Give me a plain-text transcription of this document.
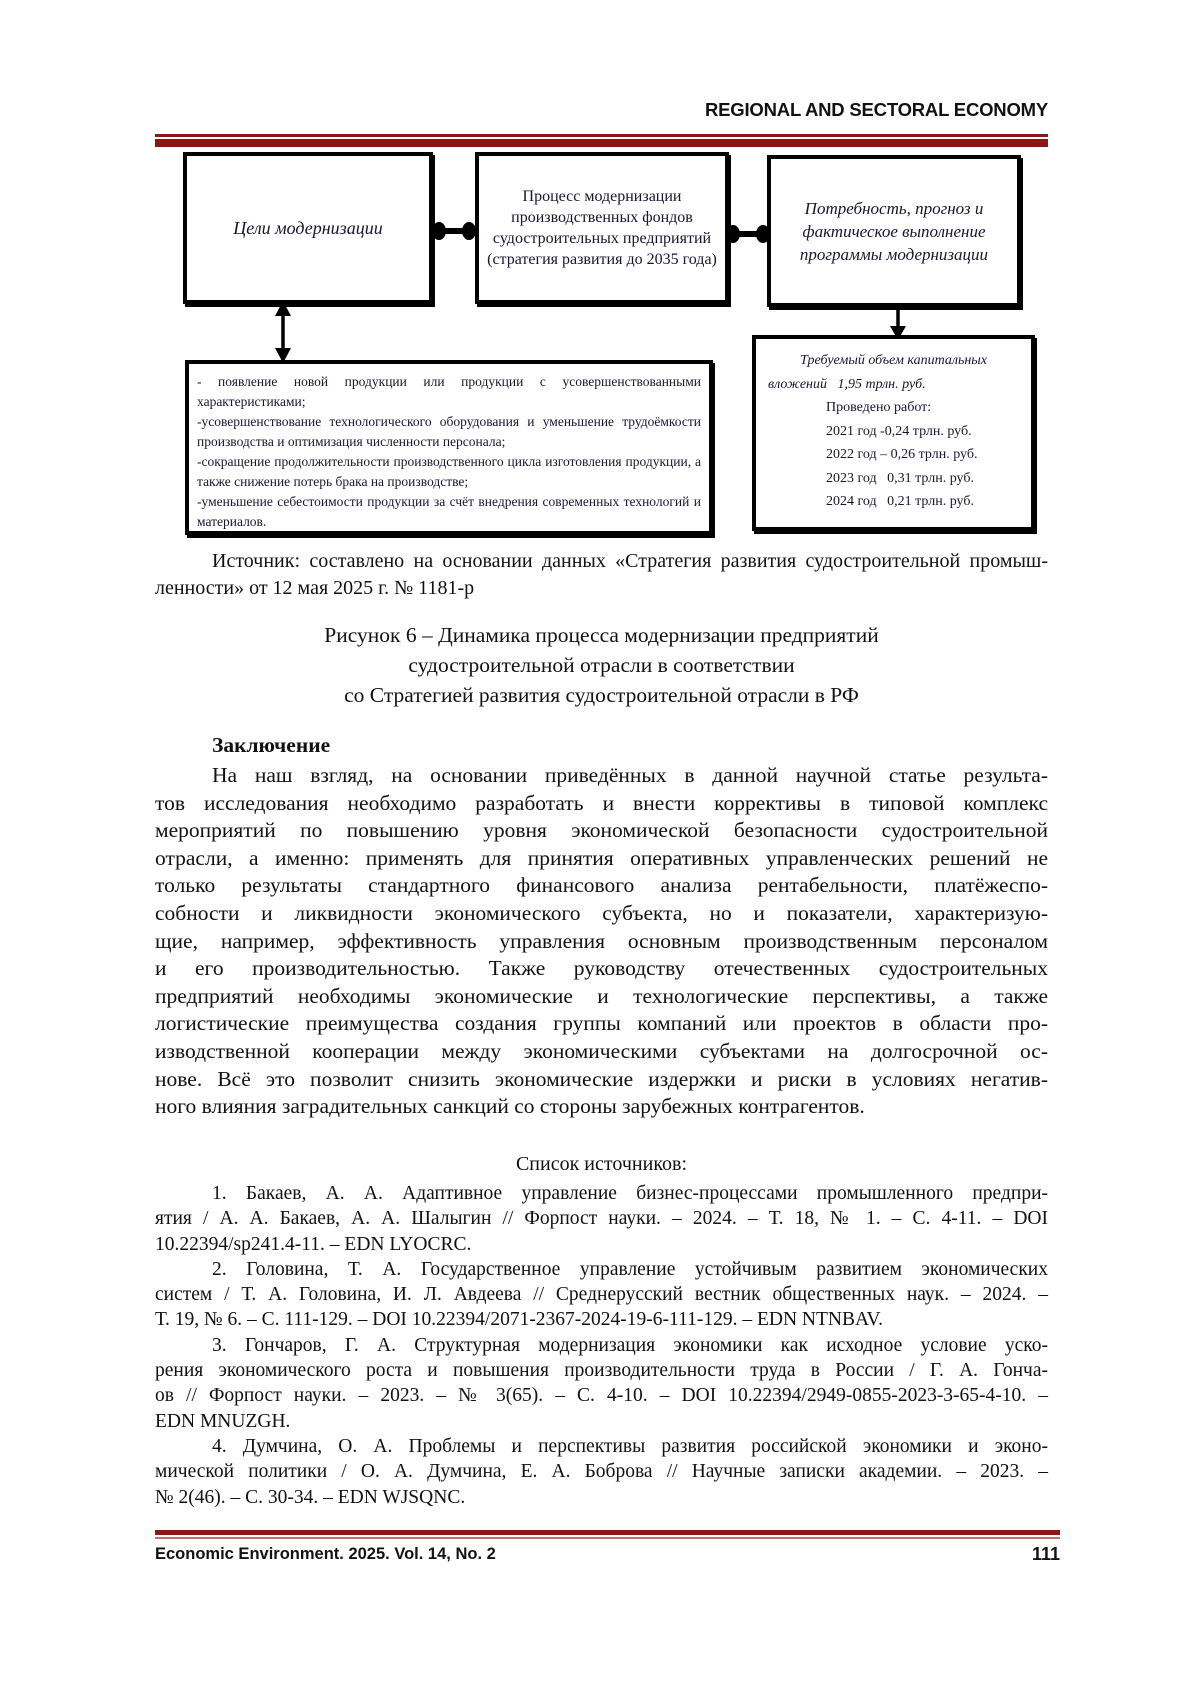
REGIONAL AND SECTORAL ECONOMY
Цели модернизации
Процесс модернизации производственных фондов судостроительных предприятий (стратегия развития до 2035 года)
Потребность, прогноз и фактическое выполнение программы модернизации
- появление новой продукции или продукции с усовершенствованными характеристиками;
-усовершенствование технологического оборудования и уменьшение трудоёмкости производства и оптимизация численности персонала;
-сокращение продолжительности производственного цикла изготовления продукции, а также снижение потерь брака на производстве;
-уменьшение себестоимости продукции за счёт внедрения современных технологий и материалов.
Требуемый объем капитальных
вложений   1,95 трлн. руб.
Проведено работ:
2021 год -0,24 трлн. руб.
2022 год – 0,26 трлн. руб.
2023 год   0,31 трлн. руб.
2024 год   0,21 трлн. руб.
Источник: составлено на основании данных «Стратегия развития судостроительной промыш-
ленности» от 12 мая 2025 г. № 1181-р
Рисунок 6 – Динамика процесса модернизации предприятий
судостроительной отрасли в соответствии
со Стратегией развития судостроительной отрасли в РФ
Заключение
На наш взгляд, на основании приведённых в данной научной статье результа-
тов исследования необходимо разработать и внести коррективы в типовой комплекс
мероприятий по повышению уровня экономической безопасности судостроительной
отрасли, а именно: применять для принятия оперативных управленческих решений не
только результаты стандартного финансового анализа рентабельности, платёжеспо-
собности и ликвидности экономического субъекта, но и показатели, характеризую-
щие, например, эффективность управления основным производственным персоналом
и его производительностью. Также руководству отечественных судостроительных
предприятий необходимы экономические и технологические перспективы, а также
логистические преимущества создания группы компаний или проектов в области про-
изводственной кооперации между экономическими субъектами на долгосрочной ос-
нове. Всё это позволит снизить экономические издержки и риски в условиях негатив-
ного влияния заградительных санкций со стороны зарубежных контрагентов.
Список источников:
1. Бакаев, А. А. Адаптивное управление бизнес-процессами промышленного предпри-
ятия / А. А. Бакаев, А. А. Шалыгин // Форпост науки. – 2024. – Т. 18, № 1. – С. 4-11. – DOI
10.22394/sp241.4-11. – EDN LYOCRC.
2. Головина, Т. А. Государственное управление устойчивым развитием экономических
систем / Т. А. Головина, И. Л. Авдеева // Среднерусский вестник общественных наук. – 2024. –
Т. 19, № 6. – С. 111-129. – DOI 10.22394/2071-2367-2024-19-6-111-129. – EDN NTNBAV.
3. Гончаров, Г. А. Структурная модернизация экономики как исходное условие уско-
рения экономического роста и повышения производительности труда в России / Г. А. Гонча-
ов // Форпост науки. – 2023. – № 3(65). – С. 4-10. – DOI 10.22394/2949-0855-2023-3-65-4-10. –
EDN MNUZGH.
4. Думчина, О. А. Проблемы и перспективы развития российской экономики и эконо-
мической политики / О. А. Думчина, Е. А. Боброва // Научные записки академии. – 2023. –
№ 2(46). – С. 30-34. – EDN WJSQNC.
Economic Environment. 2025. Vol. 14, No. 2	111
